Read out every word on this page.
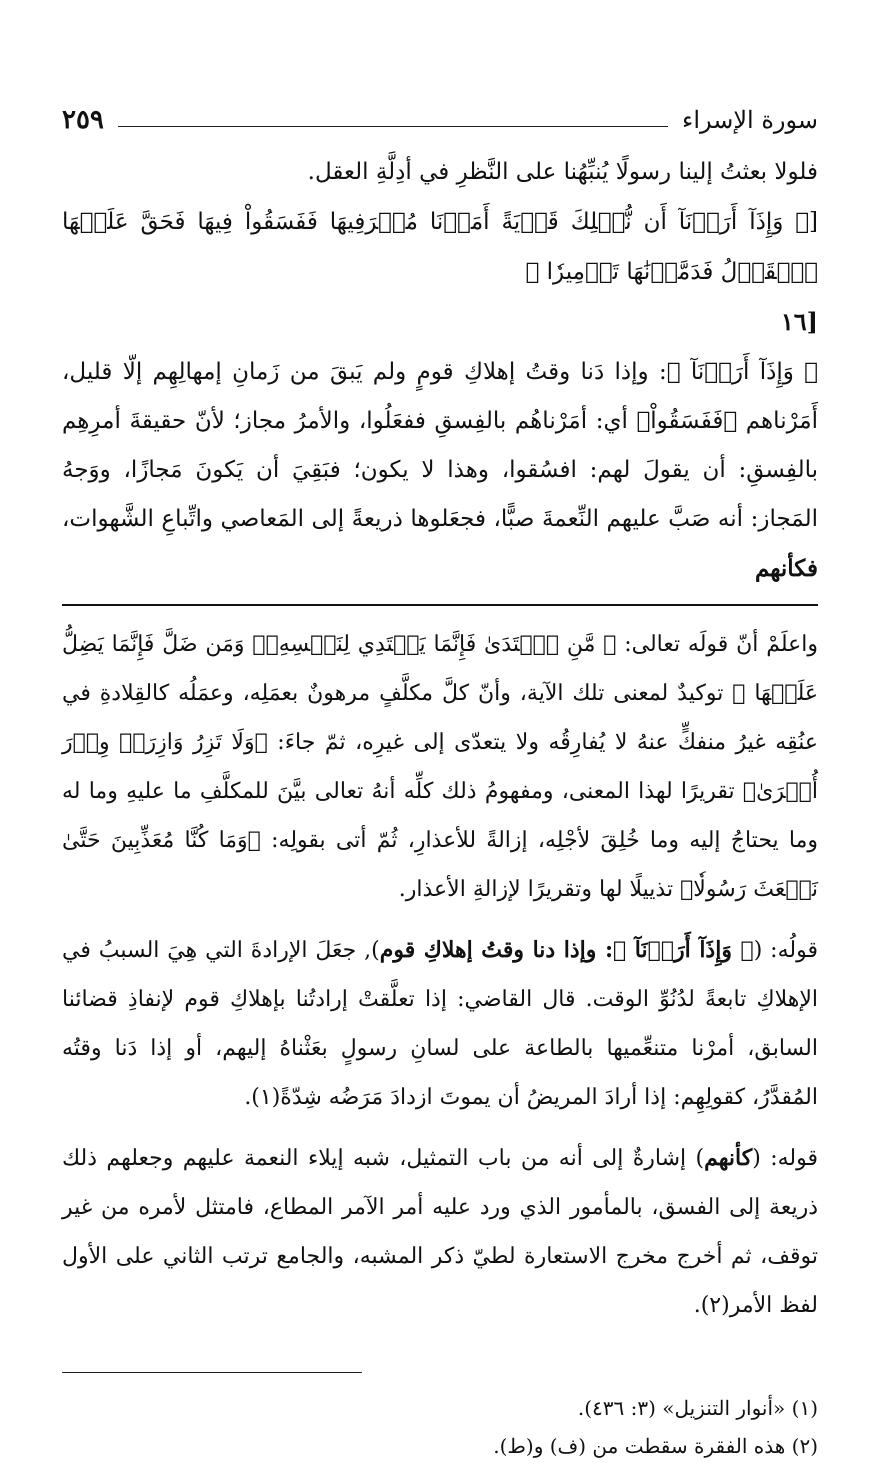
سورة الإسراء
٢٥٩

فلولا بعثتُ إلينا رسولًا يُنبِّهُنا على النَّظرِ في أدِلَّةِ العقل.

[﴿ وَإِذَآ أَرَدۡنَآ أَن نُّهۡلِكَ قَرۡيَةً أَمَرۡنَا مُتۡرَفِيهَا فَفَسَقُواْ فِيهَا فَحَقَّ عَلَيۡهَا ٱلۡقَوۡلُ فَدَمَّرۡنَٰهَا تَدۡمِيرٗا ﴾

[١٦

﴿ وَإِذَآ أَرَدۡنَآ ﴾: وإذا دَنا وقتُ إهلاكِ قومٍ ولم يَبقَ من زَمانِ إمهالِهِم إلّا قليل، أَمَرْناهم ﴿فَفَسَقُواْ﴾ أي: أمَرْناهُم بالفِسقِ ففعَلُوا، والأمرُ مجاز؛ لأنّ حقيقةَ أمرِهِم بالفِسقِ: أن يقولَ لهم: افسُقوا، وهذا لا يكون؛ فبَقِيَ أن يَكونَ مَجازًا، ووَجهُ المَجاز: أنه صَبَّ عليهم النِّعمةَ صبًّا، فجعَلوها ذريعةً إلى المَعاصي واتِّباعِ الشَّهوات، فكأنهم

واعلَمْ أنّ قولَه تعالى: ﴿ مَّنِ ٱهۡتَدَىٰ فَإِنَّمَا يَهۡتَدِي لِنَفۡسِهِۦۖ وَمَن ضَلَّ فَإِنَّمَا يَضِلُّ عَلَيۡهَا ﴾ توكيدٌ لمعنى تلك الآية، وأنّ كلَّ مكلَّفٍ مرهونٌ بعمَلِه، وعمَلُه كالقِلادةِ في عنُقِه غيرُ منفكٍّ عنهُ لا يُفارِقُه ولا يتعدّى إلى غيرِه، ثمّ جاءَ: ﴿وَلَا تَزِرُ وَازِرَةٞ وِزۡرَ أُخۡرَىٰ﴾ تقريرًا لهذا المعنى، ومفهومُ ذلك كلِّه أنهُ تعالى بيَّنَ للمكلَّفِ ما عليهِ وما له وما يحتاجُ إليه وما خُلِقَ لأجْلِه، إزالةً للأعذارِ، ثُمّ أتى بقولِه: ﴿وَمَا كُنَّا مُعَذِّبِينَ حَتَّىٰ نَبۡعَثَ رَسُولٗا﴾ تذييلًا لها وتقريرًا لإزالةِ الأعذار.

قولُه: (﴿ وَإِذَآ أَرَدۡنَآ ﴾: وإذا دنا وقتُ إهلاكِ قوم), جعَلَ الإرادةَ التي هِيَ السببُ في الإهلاكِ تابعةً لدُنُوِّ الوقت. قال القاضي: إذا تعلَّقتْ إرادتُنا بإهلاكِ قوم لإنفاذِ قضائنا السابق، أمرْنا متنعِّميها بالطاعة على لسانِ رسولٍ بعَثْناهُ إليهم، أو إذا دَنا وقتُه المُقدَّرُ، كقولِهِم: إذا أرادَ المريضُ أن يموتَ ازدادَ مَرَضُه شِدّةً(١).

قوله: (كأنهم) إشارةٌ إلى أنه من باب التمثيل، شبه إيلاء النعمة عليهم وجعلهم ذلك ذريعة إلى الفسق، بالمأمور الذي ورد عليه أمر الآمر المطاع، فامتثل لأمره من غير توقف، ثم أخرج مخرج الاستعارة لطيّ ذكر المشبه، والجامع ترتب الثاني على الأول لفظ الأمر(٢).

(١) «أنوار التنزيل» (٣: ٤٣٦).
(٢) هذه الفقرة سقطت من (ف) و(ط).
